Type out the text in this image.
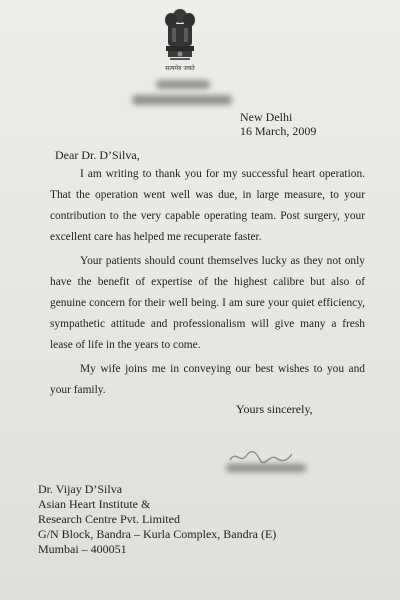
सत्यमेव जयते
New Delhi
16 March, 2009
Dear Dr. D’Silva,
I am writing to thank you for my successful heart operation. That the operation went well was due, in large measure, to your contribution to the very capable operating team. Post surgery, your excellent care has helped me recuperate faster.
Your patients should count themselves lucky as they not only have the benefit of expertise of the highest calibre but also of genuine concern for their well being. I am sure your quiet efficiency, sympathetic attitude and professionalism will give many a fresh lease of life in the years to come.
My wife joins me in conveying our best wishes to you and your family.
Yours sincerely,
Dr. Vijay D’Silva
Asian Heart Institute &
Research Centre Pvt. Limited
G/N Block, Bandra – Kurla Complex, Bandra (E)
Mumbai – 400051
